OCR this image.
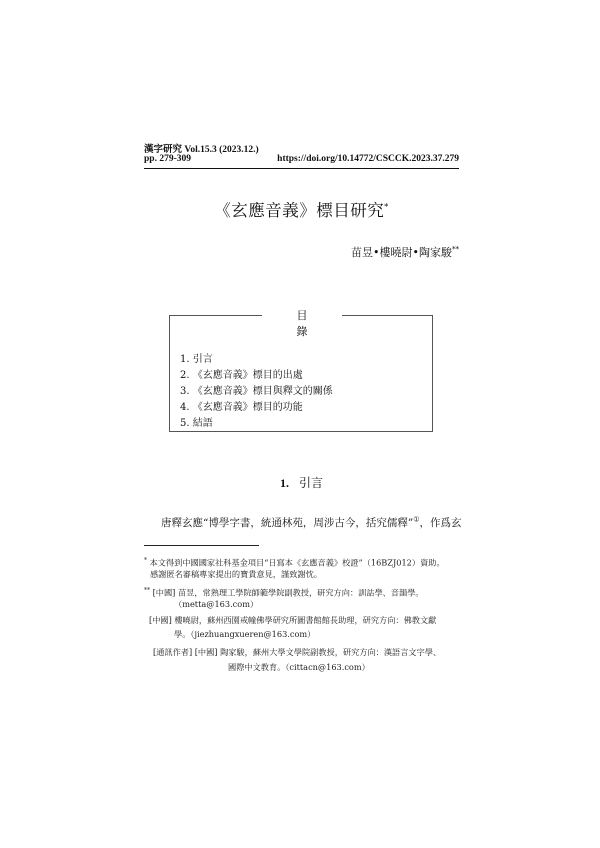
漢字研究 Vol.15.3 (2023.12.)
pp. 279-309	https://doi.org/10.14772/CSCCK.2023.37.279
《玄應音義》標目研究*
苗昱•樓曉尉•陶家駿**
目 錄
1. 引言
2. 《玄應音義》標目的出處
3. 《玄應音義》標目與釋文的關係
4. 《玄應音義》標目的功能
5. 結語
1. 引言
唐釋玄應“博學字書，統通林苑，周涉古今，括究儒釋”①，作爲玄
* 本文得到中國國家社科基金項目“日寫本《玄應音義》校證”（16BZJ012）資助。
感謝匿名審稿專家提出的寶貴意見，謹致謝忱。
** [中國] 苗昱，常熟理工學院師範學院副教授，研究方向：訓詁學、音韻學。
（metta@163.com）
[中國] 樓曉尉，蘇州西園戒幢佛學研究所圖書館館長助理，研究方向：佛教文獻
學。（jiezhuangxueren@163.com）
[通訊作者] [中國] 陶家駿，蘇州大學文學院副教授，研究方向：漢語言文字學、
國際中文教育。（cittacn@163.com）
